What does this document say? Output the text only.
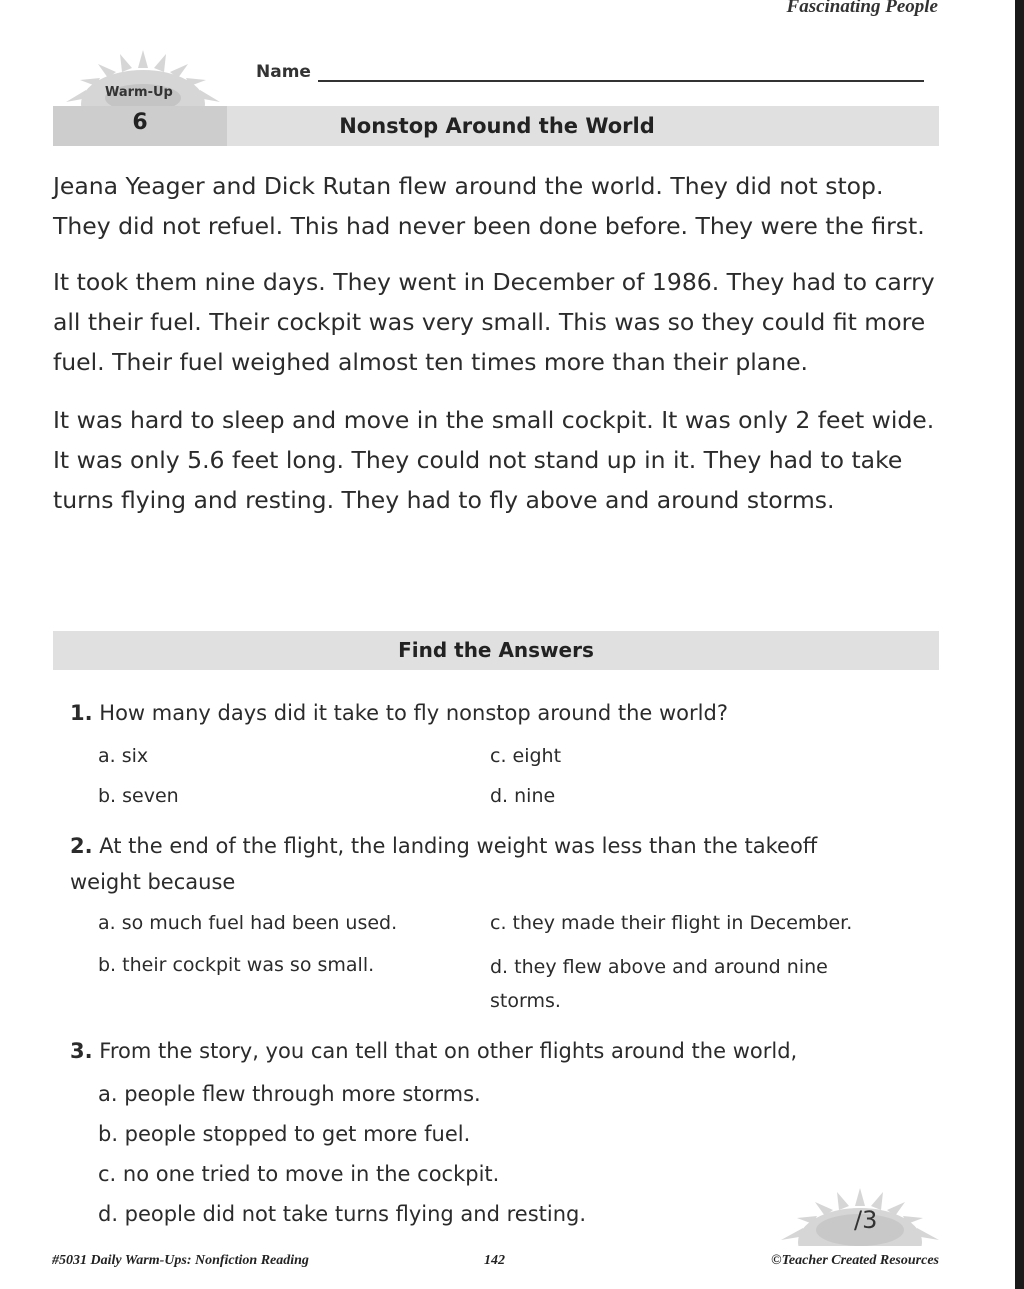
Fascinating People
Warm-Up
Name
6	Nonstop Around the World

Jeana Yeager and Dick Rutan flew around the world. They did not stop. They did not refuel. This had never been done before. They were the first.

It took them nine days. They went in December of 1986. They had to carry all their fuel. Their cockpit was very small. This was so they could fit more fuel. Their fuel weighed almost ten times more than their plane.

It was hard to sleep and move in the small cockpit. It was only 2 feet wide. It was only 5.6 feet long. They could not stand up in it. They had to take turns flying and resting. They had to fly above and around storms.

Find the Answers
1. How many days did it take to fly nonstop around the world?
a. six
b. seven
c. eight
d. nine
2. At the end of the flight, the landing weight was less than the takeoff weight because
a. so much fuel had been used.
b. their cockpit was so small.
c. they made their flight in December.
d. they flew above and around nine storms.
3. From the story, you can tell that on other flights around the world,
a. people flew through more storms.
b. people stopped to get more fuel.
c. no one tried to move in the cockpit.
d. people did not take turns flying and resting.	/3
#5031 Daily Warm-Ups: Nonfiction Reading	142	©Teacher Created Resources
